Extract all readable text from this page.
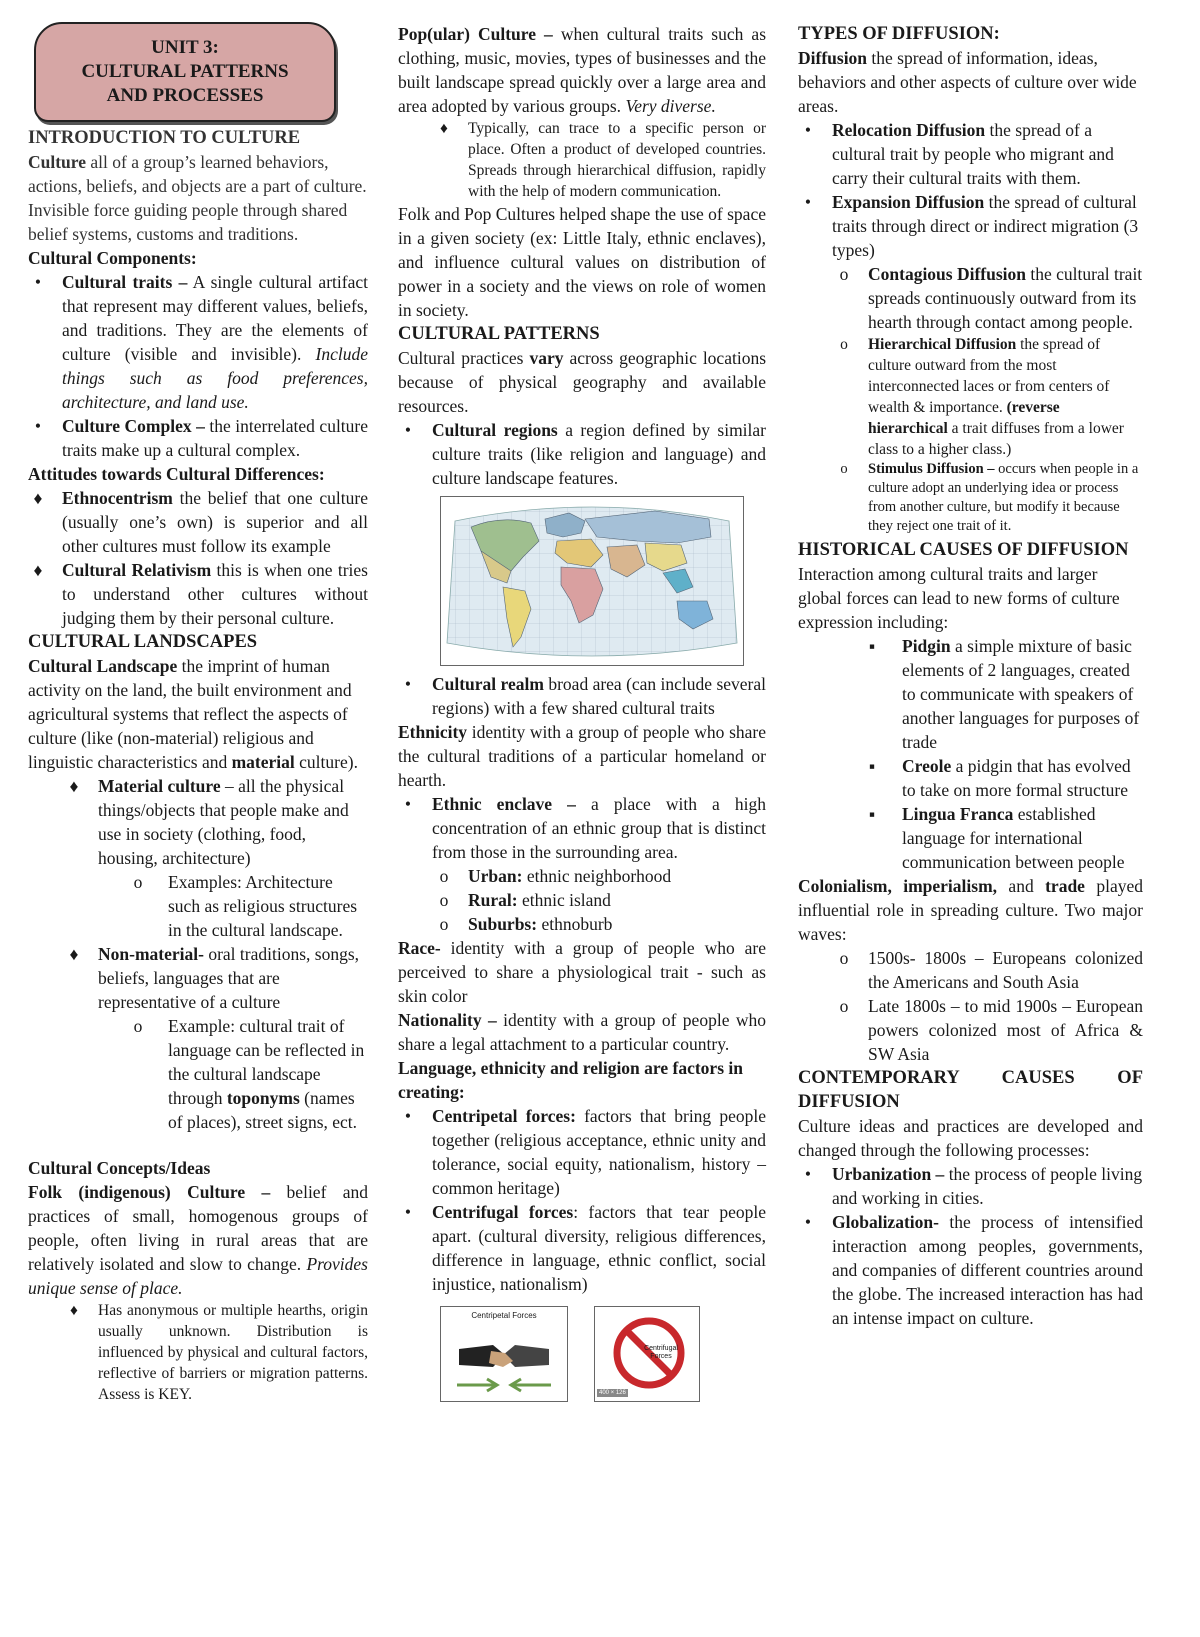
UNIT 3:
CULTURAL PATTERNS
AND PROCESSES

INTRODUCTION TO CULTURE

Culture all of a group’s learned behaviors, actions, beliefs, and objects are a part of culture. Invisible force guiding people through shared belief systems, customs and traditions.

Cultural Components:

•	Cultural traits – A single cultural artifact that represent may different values, beliefs, and traditions. They are the elements of culture (visible and invisible). Include things such as food preferences, architecture, and land use.
•	Culture Complex – the interrelated culture traits make up a cultural complex.

Attitudes towards Cultural Differences:

♦	Ethnocentrism the belief that one culture (usually one’s own) is superior and all other cultures must follow its example
♦	Cultural Relativism this is when one tries to understand other cultures without judging them by their personal culture.

CULTURAL LANDSCAPES

Cultural Landscape the imprint of human activity on the land, the built environment and agricultural systems that reflect the aspects of culture (like (non-material) religious and linguistic characteristics and material culture).

♦	Material culture – all the physical things/objects that people make and use in society (clothing, food, housing, architecture)
o	Examples: Architecture such as religious structures in the cultural landscape.
♦	Non-material- oral traditions, songs, beliefs, languages that are representative of a culture
o	Example: cultural trait of language can be reflected in the cultural landscape through toponyms (names of places), street signs, ect.

Cultural Concepts/Ideas

Folk (indigenous) Culture – belief and practices of small, homogenous groups of people, often living in rural areas that are relatively isolated and slow to change. Provides unique sense of place.

♦	Has anonymous or multiple hearths, origin usually unknown. Distribution is influenced by physical and cultural factors, reflective of barriers or migration patterns. Assess is KEY.

Pop(ular) Culture – when cultural traits such as clothing, music, movies, types of businesses and the built landscape spread quickly over a large area and area adopted by various groups. Very diverse.

♦	Typically, can trace to a specific person or place. Often a product of developed countries. Spreads through hierarchical diffusion, rapidly with the help of modern communication.

Folk and Pop Cultures helped shape the use of space in a given society (ex: Little Italy, ethnic enclaves), and influence cultural values on distribution of power in a society and the views on role of women in society.

CULTURAL PATTERNS

Cultural practices vary across geographic locations because of physical geography and available resources.

•	Cultural regions a region defined by similar culture traits (like religion and language) and culture landscape features.
•	Cultural realm broad area (can include several regions) with a few shared cultural traits

Ethnicity identity with a group of people who share the cultural traditions of a particular homeland or hearth.

•	Ethnic enclave – a place with a high concentration of an ethnic group that is distinct from those in the surrounding area.
o	Urban: ethnic neighborhood
o	Rural: ethnic island
o	Suburbs: ethnoburb

Race- identity with a group of people who are perceived to share a physiological trait - such as skin color

Nationality – identity with a group of people who share a legal attachment to a particular country.

Language, ethnicity and religion are factors in creating:

•	Centripetal forces: factors that bring people together (religious acceptance, ethnic unity and tolerance, social equity, nationalism, history – common heritage)
•	Centrifugal forces: factors that tear people apart. (cultural diversity, religious differences, difference in language, ethnic conflict, social injustice, nationalism)
Centripetal Forces
Centrifugal Forces
400 × 126

TYPES OF DIFFUSION:

Diffusion the spread of information, ideas, behaviors and other aspects of culture over wide areas.

•	Relocation Diffusion the spread of a cultural trait by people who migrant and carry their cultural traits with them.
•	Expansion Diffusion the spread of cultural traits through direct or indirect migration (3 types)
o	Contagious Diffusion the cultural trait spreads continuously outward from its hearth through contact among people.
o	Hierarchical Diffusion the spread of culture outward from the most interconnected laces or from centers of wealth & importance. (reverse hierarchical a trait diffuses from a lower class to a higher class.)
o	Stimulus Diffusion – occurs when people in a culture adopt an underlying idea or process from another culture, but modify it because they reject one trait of it.

HISTORICAL CAUSES OF DIFFUSION

Interaction among cultural traits and larger global forces can lead to new forms of culture expression including:

▪	Pidgin a simple mixture of basic elements of 2 languages, created to communicate with speakers of another languages for purposes of trade
▪	Creole a pidgin that has evolved to take on more formal structure
▪	Lingua Franca established language for international communication between people

Colonialism, imperialism, and trade played influential role in spreading culture. Two major waves:

o	1500s- 1800s – Europeans colonized the Americans and South Asia
o	Late 1800s – to mid 1900s – European powers colonized most of Africa & SW Asia

CONTEMPORARY CAUSES OF DIFFUSION

Culture ideas and practices are developed and changed through the following processes:

•	Urbanization – the process of people living and working in cities.
•	Globalization- the process of intensified interaction among peoples, governments, and companies of different countries around the globe. The increased interaction has had an intense impact on culture.
